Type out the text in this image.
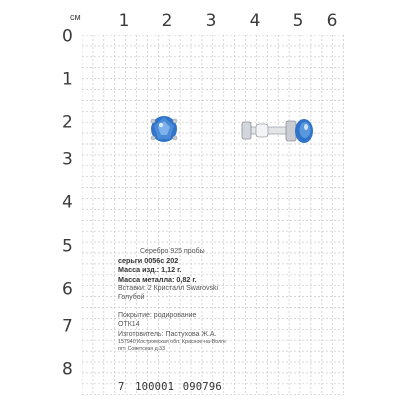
см 1 2 3 4 5 6
0
1
2
3
4
5
6
7
8
Серебро 925 пробы
серьги 0056с 202
Масса изд.: 1,12 г.
Масса металла: 0,82 г.
Вставки: 2 Кристалл Swarovski
Голубой
Покрытие: родирование
ОТК14
Изготовитель: Пастухова Ж.А.
157940 Костромская обл. Красное-на-Волге
пгт. Советская д.33
7 100001 090796
